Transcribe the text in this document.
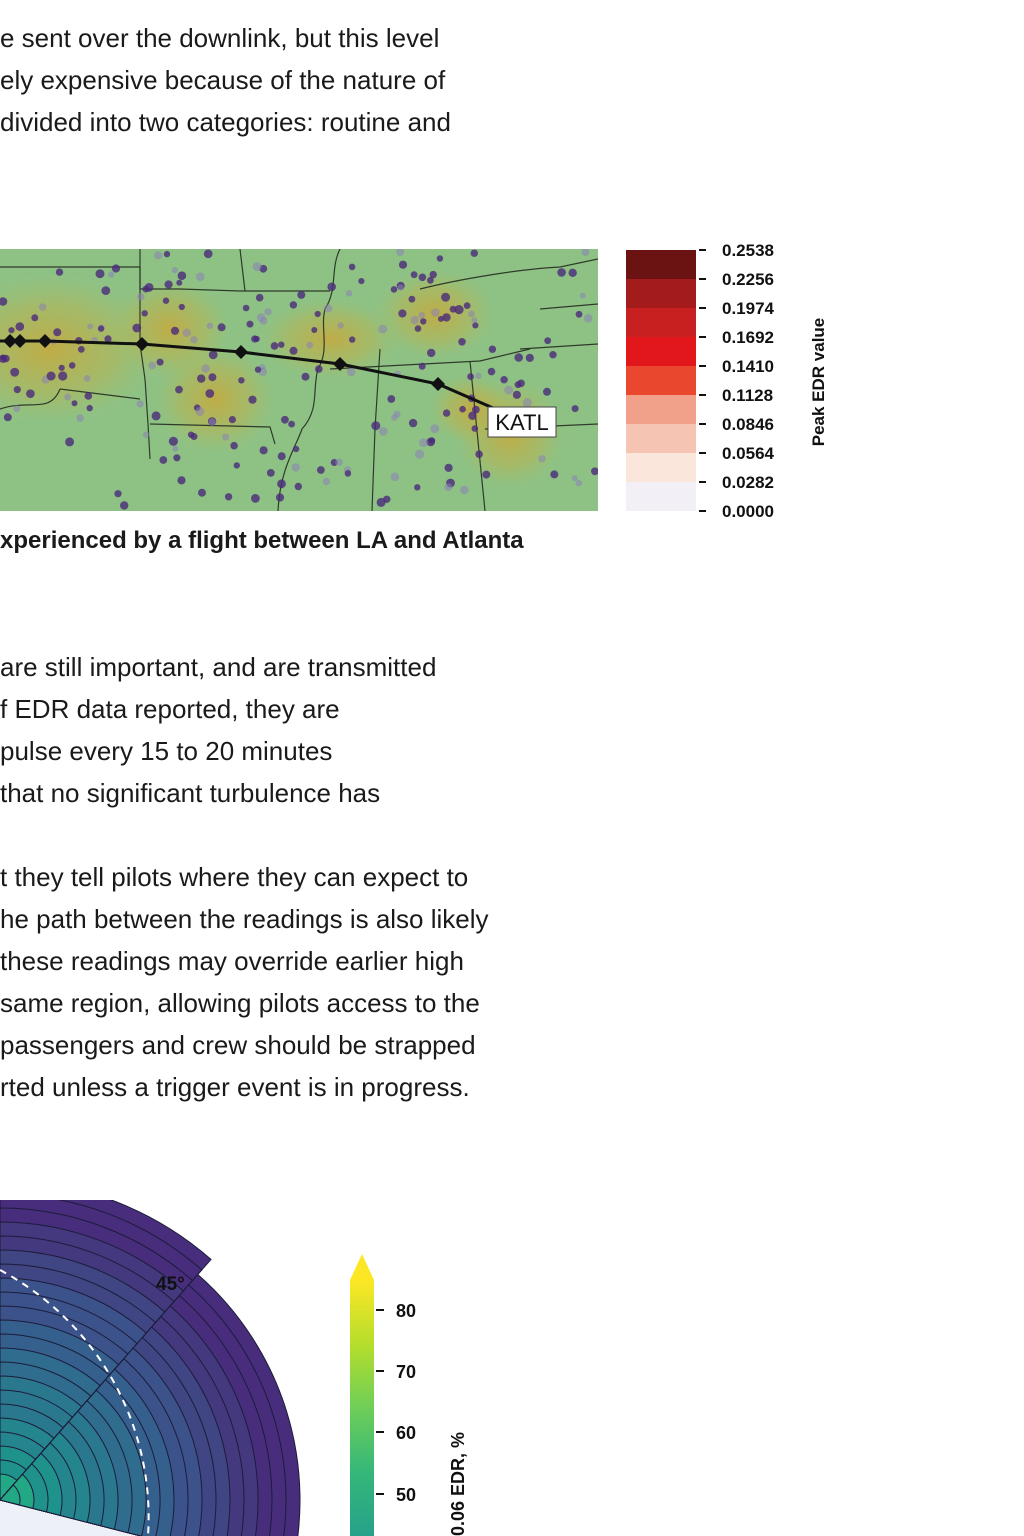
e sent over the downlink, but this level
ely expensive because of the nature of
divided into two categories: routine and

KATL
0.2538
0.2256
0.1974
0.1692
0.1410
0.1128
0.0846
0.0564
0.0282
0.0000
Peak EDR value
xperienced by a flight between LA and Atlanta

are still important, and are transmitted
f EDR data reported, they are
pulse every 15 to 20 minutes
that no significant turbulence has

t they tell pilots where they can expect to
he path between the readings is also likely
these readings may override earlier high
same region, allowing pilots access to the
passengers and crew should be strapped
rted unless a trigger event is in progress.

45°
80
70
60
50 0.06 EDR, %
